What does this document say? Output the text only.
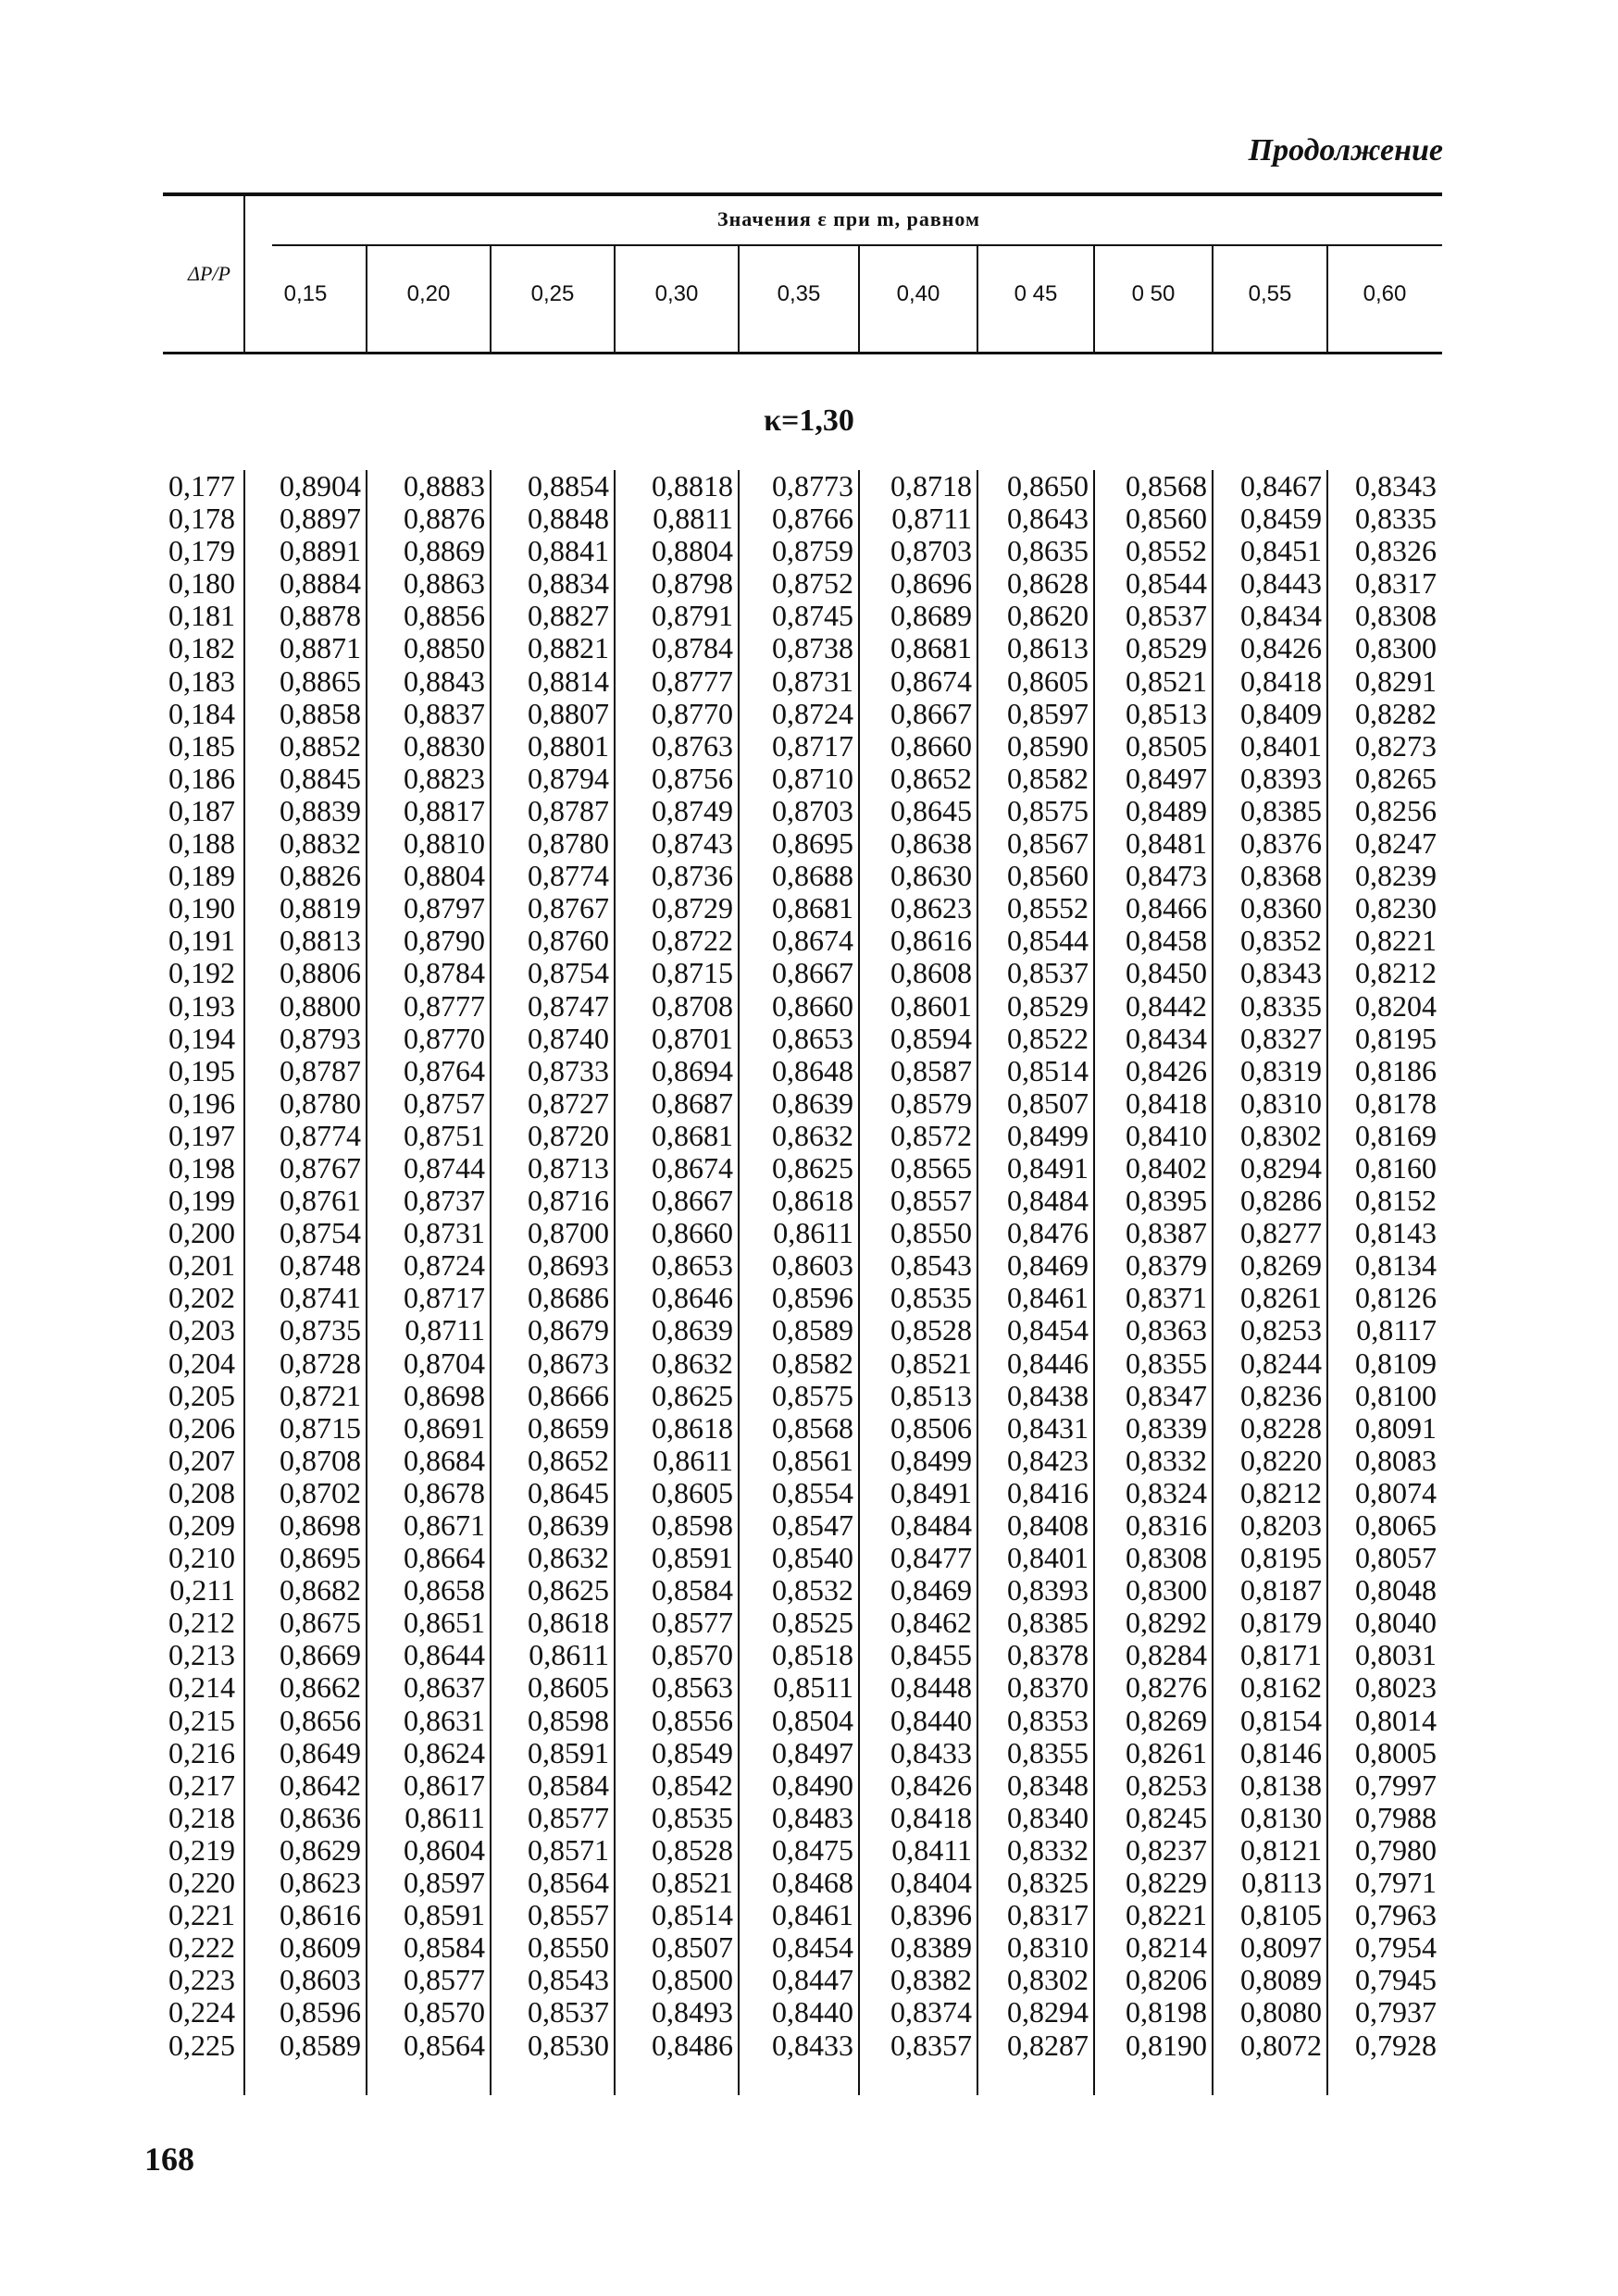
Продолжение
ΔP/P
Значения ε при m, равном
0,15	0,20	0,25	0,30	0,35	0,40	0 45	0 50	0,55	0,60
κ=1,30
0,177	0,8904	0,8883	0,8854	0,8818	0,8773	0,8718	0,8650	0,8568	0,8467	0,8343
0,178	0,8897	0,8876	0,8848	0,8811	0,8766	0,8711	0,8643	0,8560	0,8459	0,8335
0,179	0,8891	0,8869	0,8841	0,8804	0,8759	0,8703	0,8635	0,8552	0,8451	0,8326
0,180	0,8884	0,8863	0,8834	0,8798	0,8752	0,8696	0,8628	0,8544	0,8443	0,8317
0,181	0,8878	0,8856	0,8827	0,8791	0,8745	0,8689	0,8620	0,8537	0,8434	0,8308
0,182	0,8871	0,8850	0,8821	0,8784	0,8738	0,8681	0,8613	0,8529	0,8426	0,8300
0,183	0,8865	0,8843	0,8814	0,8777	0,8731	0,8674	0,8605	0,8521	0,8418	0,8291
0,184	0,8858	0,8837	0,8807	0,8770	0,8724	0,8667	0,8597	0,8513	0,8409	0,8282
0,185	0,8852	0,8830	0,8801	0,8763	0,8717	0,8660	0,8590	0,8505	0,8401	0,8273
0,186	0,8845	0,8823	0,8794	0,8756	0,8710	0,8652	0,8582	0,8497	0,8393	0,8265
0,187	0,8839	0,8817	0,8787	0,8749	0,8703	0,8645	0,8575	0,8489	0,8385	0,8256
0,188	0,8832	0,8810	0,8780	0,8743	0,8695	0,8638	0,8567	0,8481	0,8376	0,8247
0,189	0,8826	0,8804	0,8774	0,8736	0,8688	0,8630	0,8560	0,8473	0,8368	0,8239
0,190	0,8819	0,8797	0,8767	0,8729	0,8681	0,8623	0,8552	0,8466	0,8360	0,8230
0,191	0,8813	0,8790	0,8760	0,8722	0,8674	0,8616	0,8544	0,8458	0,8352	0,8221
0,192	0,8806	0,8784	0,8754	0,8715	0,8667	0,8608	0,8537	0,8450	0,8343	0,8212
0,193	0,8800	0,8777	0,8747	0,8708	0,8660	0,8601	0,8529	0,8442	0,8335	0,8204
0,194	0,8793	0,8770	0,8740	0,8701	0,8653	0,8594	0,8522	0,8434	0,8327	0,8195
0,195	0,8787	0,8764	0,8733	0,8694	0,8648	0,8587	0,8514	0,8426	0,8319	0,8186
0,196	0,8780	0,8757	0,8727	0,8687	0,8639	0,8579	0,8507	0,8418	0,8310	0,8178
0,197	0,8774	0,8751	0,8720	0,8681	0,8632	0,8572	0,8499	0,8410	0,8302	0,8169
0,198	0,8767	0,8744	0,8713	0,8674	0,8625	0,8565	0,8491	0,8402	0,8294	0,8160
0,199	0,8761	0,8737	0,8716	0,8667	0,8618	0,8557	0,8484	0,8395	0,8286	0,8152
0,200	0,8754	0,8731	0,8700	0,8660	0,8611	0,8550	0,8476	0,8387	0,8277	0,8143
0,201	0,8748	0,8724	0,8693	0,8653	0,8603	0,8543	0,8469	0,8379	0,8269	0,8134
0,202	0,8741	0,8717	0,8686	0,8646	0,8596	0,8535	0,8461	0,8371	0,8261	0,8126
0,203	0,8735	0,8711	0,8679	0,8639	0,8589	0,8528	0,8454	0,8363	0,8253	0,8117
0,204	0,8728	0,8704	0,8673	0,8632	0,8582	0,8521	0,8446	0,8355	0,8244	0,8109
0,205	0,8721	0,8698	0,8666	0,8625	0,8575	0,8513	0,8438	0,8347	0,8236	0,8100
0,206	0,8715	0,8691	0,8659	0,8618	0,8568	0,8506	0,8431	0,8339	0,8228	0,8091
0,207	0,8708	0,8684	0,8652	0,8611	0,8561	0,8499	0,8423	0,8332	0,8220	0,8083
0,208	0,8702	0,8678	0,8645	0,8605	0,8554	0,8491	0,8416	0,8324	0,8212	0,8074
0,209	0,8698	0,8671	0,8639	0,8598	0,8547	0,8484	0,8408	0,8316	0,8203	0,8065
0,210	0,8695	0,8664	0,8632	0,8591	0,8540	0,8477	0,8401	0,8308	0,8195	0,8057
0,211	0,8682	0,8658	0,8625	0,8584	0,8532	0,8469	0,8393	0,8300	0,8187	0,8048
0,212	0,8675	0,8651	0,8618	0,8577	0,8525	0,8462	0,8385	0,8292	0,8179	0,8040
0,213	0,8669	0,8644	0,8611	0,8570	0,8518	0,8455	0,8378	0,8284	0,8171	0,8031
0,214	0,8662	0,8637	0,8605	0,8563	0,8511	0,8448	0,8370	0,8276	0,8162	0,8023
0,215	0,8656	0,8631	0,8598	0,8556	0,8504	0,8440	0,8353	0,8269	0,8154	0,8014
0,216	0,8649	0,8624	0,8591	0,8549	0,8497	0,8433	0,8355	0,8261	0,8146	0,8005
0,217	0,8642	0,8617	0,8584	0,8542	0,8490	0,8426	0,8348	0,8253	0,8138	0,7997
0,218	0,8636	0,8611	0,8577	0,8535	0,8483	0,8418	0,8340	0,8245	0,8130	0,7988
0,219	0,8629	0,8604	0,8571	0,8528	0,8475	0,8411	0,8332	0,8237	0,8121	0,7980
0,220	0,8623	0,8597	0,8564	0,8521	0,8468	0,8404	0,8325	0,8229	0,8113	0,7971
0,221	0,8616	0,8591	0,8557	0,8514	0,8461	0,8396	0,8317	0,8221	0,8105	0,7963
0,222	0,8609	0,8584	0,8550	0,8507	0,8454	0,8389	0,8310	0,8214	0,8097	0,7954
0,223	0,8603	0,8577	0,8543	0,8500	0,8447	0,8382	0,8302	0,8206	0,8089	0,7945
0,224	0,8596	0,8570	0,8537	0,8493	0,8440	0,8374	0,8294	0,8198	0,8080	0,7937
0,225	0,8589	0,8564	0,8530	0,8486	0,8433	0,8357	0,8287	0,8190	0,8072	0,7928
168
